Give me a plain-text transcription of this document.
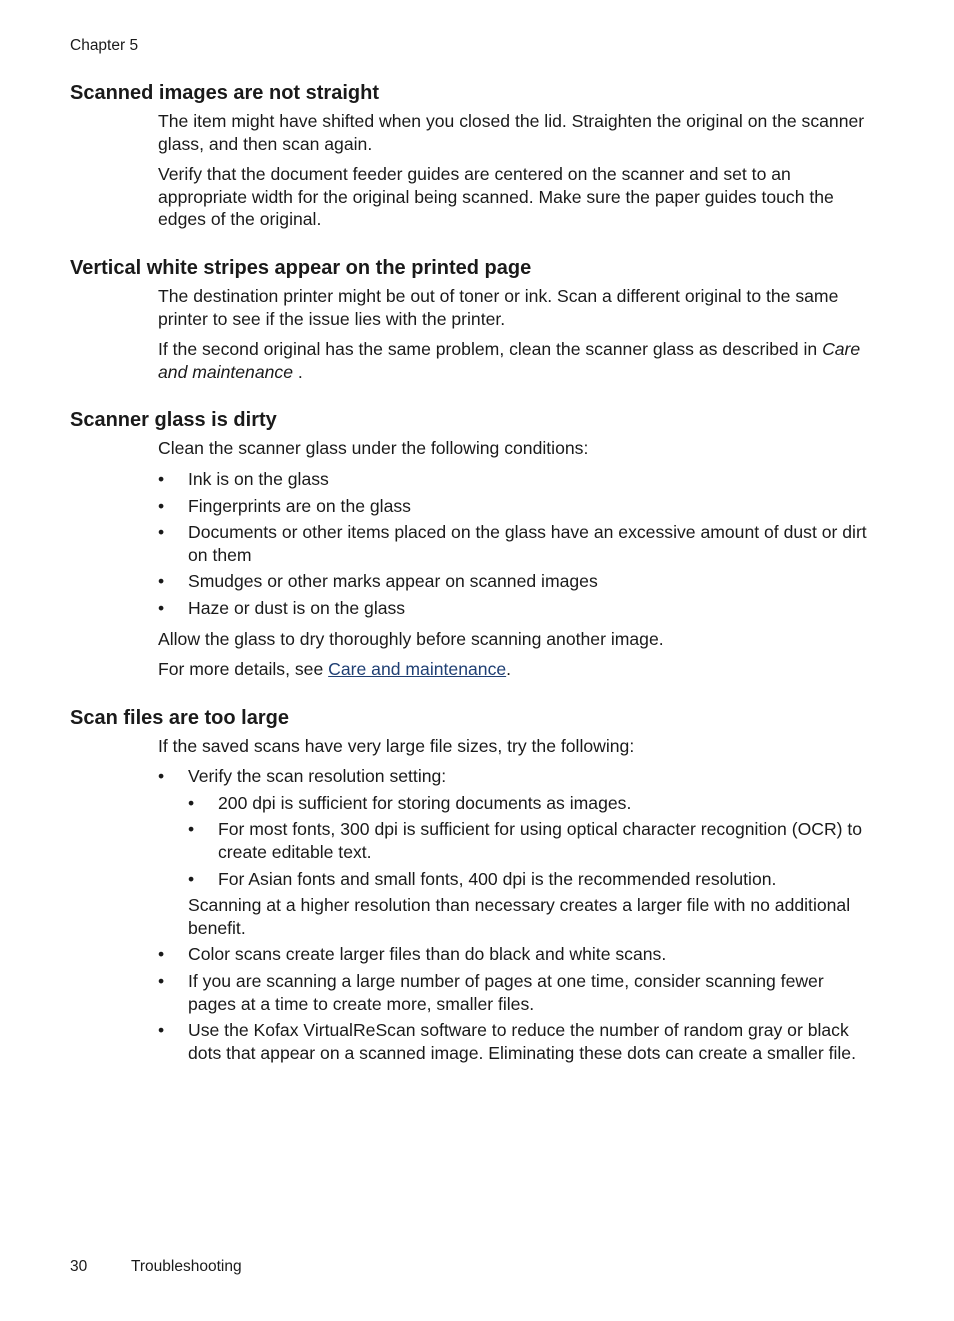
Chapter 5
Scanned images are not straight

The item might have shifted when you closed the lid. Straighten the original on the scanner glass, and then scan again.

Verify that the document feeder guides are centered on the scanner and set to an appropriate width for the original being scanned. Make sure the paper guides touch the edges of the original.

Vertical white stripes appear on the printed page

The destination printer might be out of toner or ink. Scan a different original to the same printer to see if the issue lies with the printer.

If the second original has the same problem, clean the scanner glass as described in Care and maintenance .

Scanner glass is dirty

Clean the scanner glass under the following conditions:

• Ink is on the glass
• Fingerprints are on the glass
• Documents or other items placed on the glass have an excessive amount of dust or dirt on them
• Smudges or other marks appear on scanned images
• Haze or dust is on the glass

Allow the glass to dry thoroughly before scanning another image.

For more details, see Care and maintenance.

Scan files are too large

If the saved scans have very large file sizes, try the following:

• Verify the scan resolution setting:
• 200 dpi is sufficient for storing documents as images.
• For most fonts, 300 dpi is sufficient for using optical character recognition (OCR) to create editable text.
• For Asian fonts and small fonts, 400 dpi is the recommended resolution.
Scanning at a higher resolution than necessary creates a larger file with no additional benefit.
• Color scans create larger files than do black and white scans.
• If you are scanning a large number of pages at one time, consider scanning fewer pages at a time to create more, smaller files.
• Use the Kofax VirtualReScan software to reduce the number of random gray or black dots that appear on a scanned image. Eliminating these dots can create a smaller file.
30	Troubleshooting
